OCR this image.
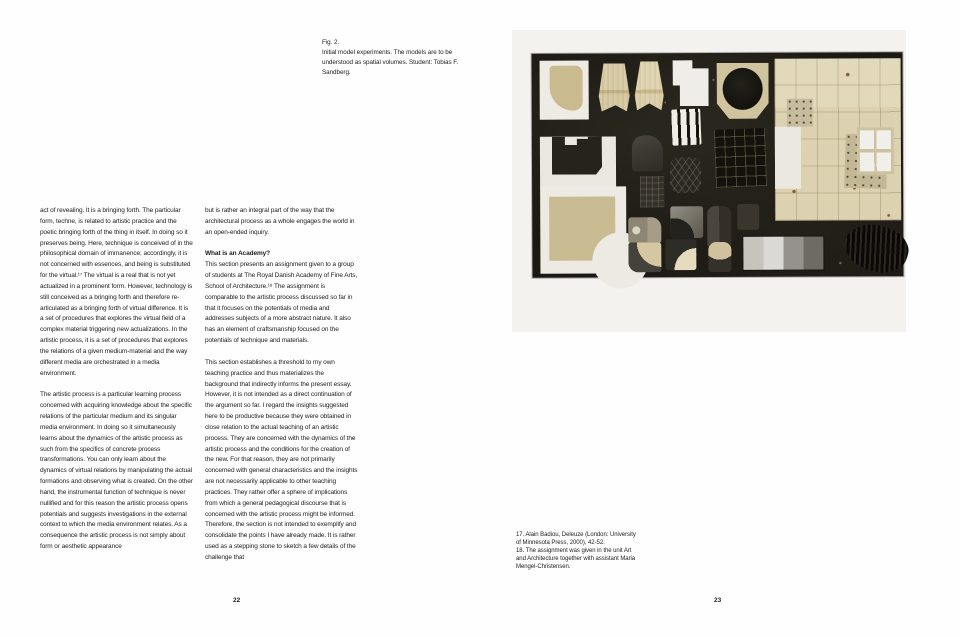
Fig. 2.
Initial model experiments. The models are to be understood as spatial volumes. Student: Tobias F. Sandberg.

act of revealing. It is a bringing forth. The particular form, techne, is related to artistic practice and the poetic bringing forth of the thing in itself. In doing so it preserves being. Here, technique is conceived of in the philosophical domain of immanence; accordingly, it is not concerned with essences, and being is substituted for the virtual.¹⁷ The virtual is a real that is not yet actualized in a prominent form. However, technology is still conceived as a bringing forth and therefore re-articulated as a bringing forth of virtual difference. It is a set of procedures that explores the virtual field of a complex material triggering new actualizations. In the artistic process, it is a set of procedures that explores the relations of a given medium-material and the way different media are orchestrated in a media environment.

The artistic process is a particular learning process concerned with acquiring knowledge about the specific relations of the particular medium and its singular media environment. In doing so it simultaneously learns about the dynamics of the artistic process as such from the specifics of concrete process transformations. You can only learn about the dynamics of virtual relations by manipulating the actual formations and observing what is created. On the other hand, the instrumental function of technique is never nullified and for this reason the artistic process opens potentials and suggests investigations in the external context to which the media environment relates. As a consequence the artistic process is not simply about form or aesthetic appearance

but is rather an integral part of the way that the architectural process as a whole engages the world in an open-ended inquiry.

What is an Academy?

This section presents an assignment given to a group of students at The Royal Danish Academy of Fine Arts, School of Architecture.¹⁸ The assignment is comparable to the artistic process discussed so far in that it focuses on the potentials of media and addresses subjects of a more abstract nature. It also has an element of craftsmanship focused on the potentials of technique and materials.

This section establishes a threshold to my own teaching practice and thus materializes the background that indirectly informs the present essay. However, it is not intended as a direct continuation of the argument so far. I regard the insights suggested here to be productive because they were obtained in close relation to the actual teaching of an artistic process. They are concerned with the dynamics of the artistic process and the conditions for the creation of the new. For that reason, they are not primarily concerned with general characteristics and the insights are not necessarily applicable to other teaching practices. They rather offer a sphere of implications from which a general pedagogical discourse that is concerned with the artistic process might be informed. Therefore, the section is not intended to exemplify and consolidate the points I have already made. It is rather used as a stepping stone to sketch a few details of the challenge that

22

17. Alain Badiou, Deleuze (London: University of Minnesota Press, 2000), 42-52.

18. The assignment was given in the unit Art and Architecture together with assistant Maria Mengel-Christensen.

23
